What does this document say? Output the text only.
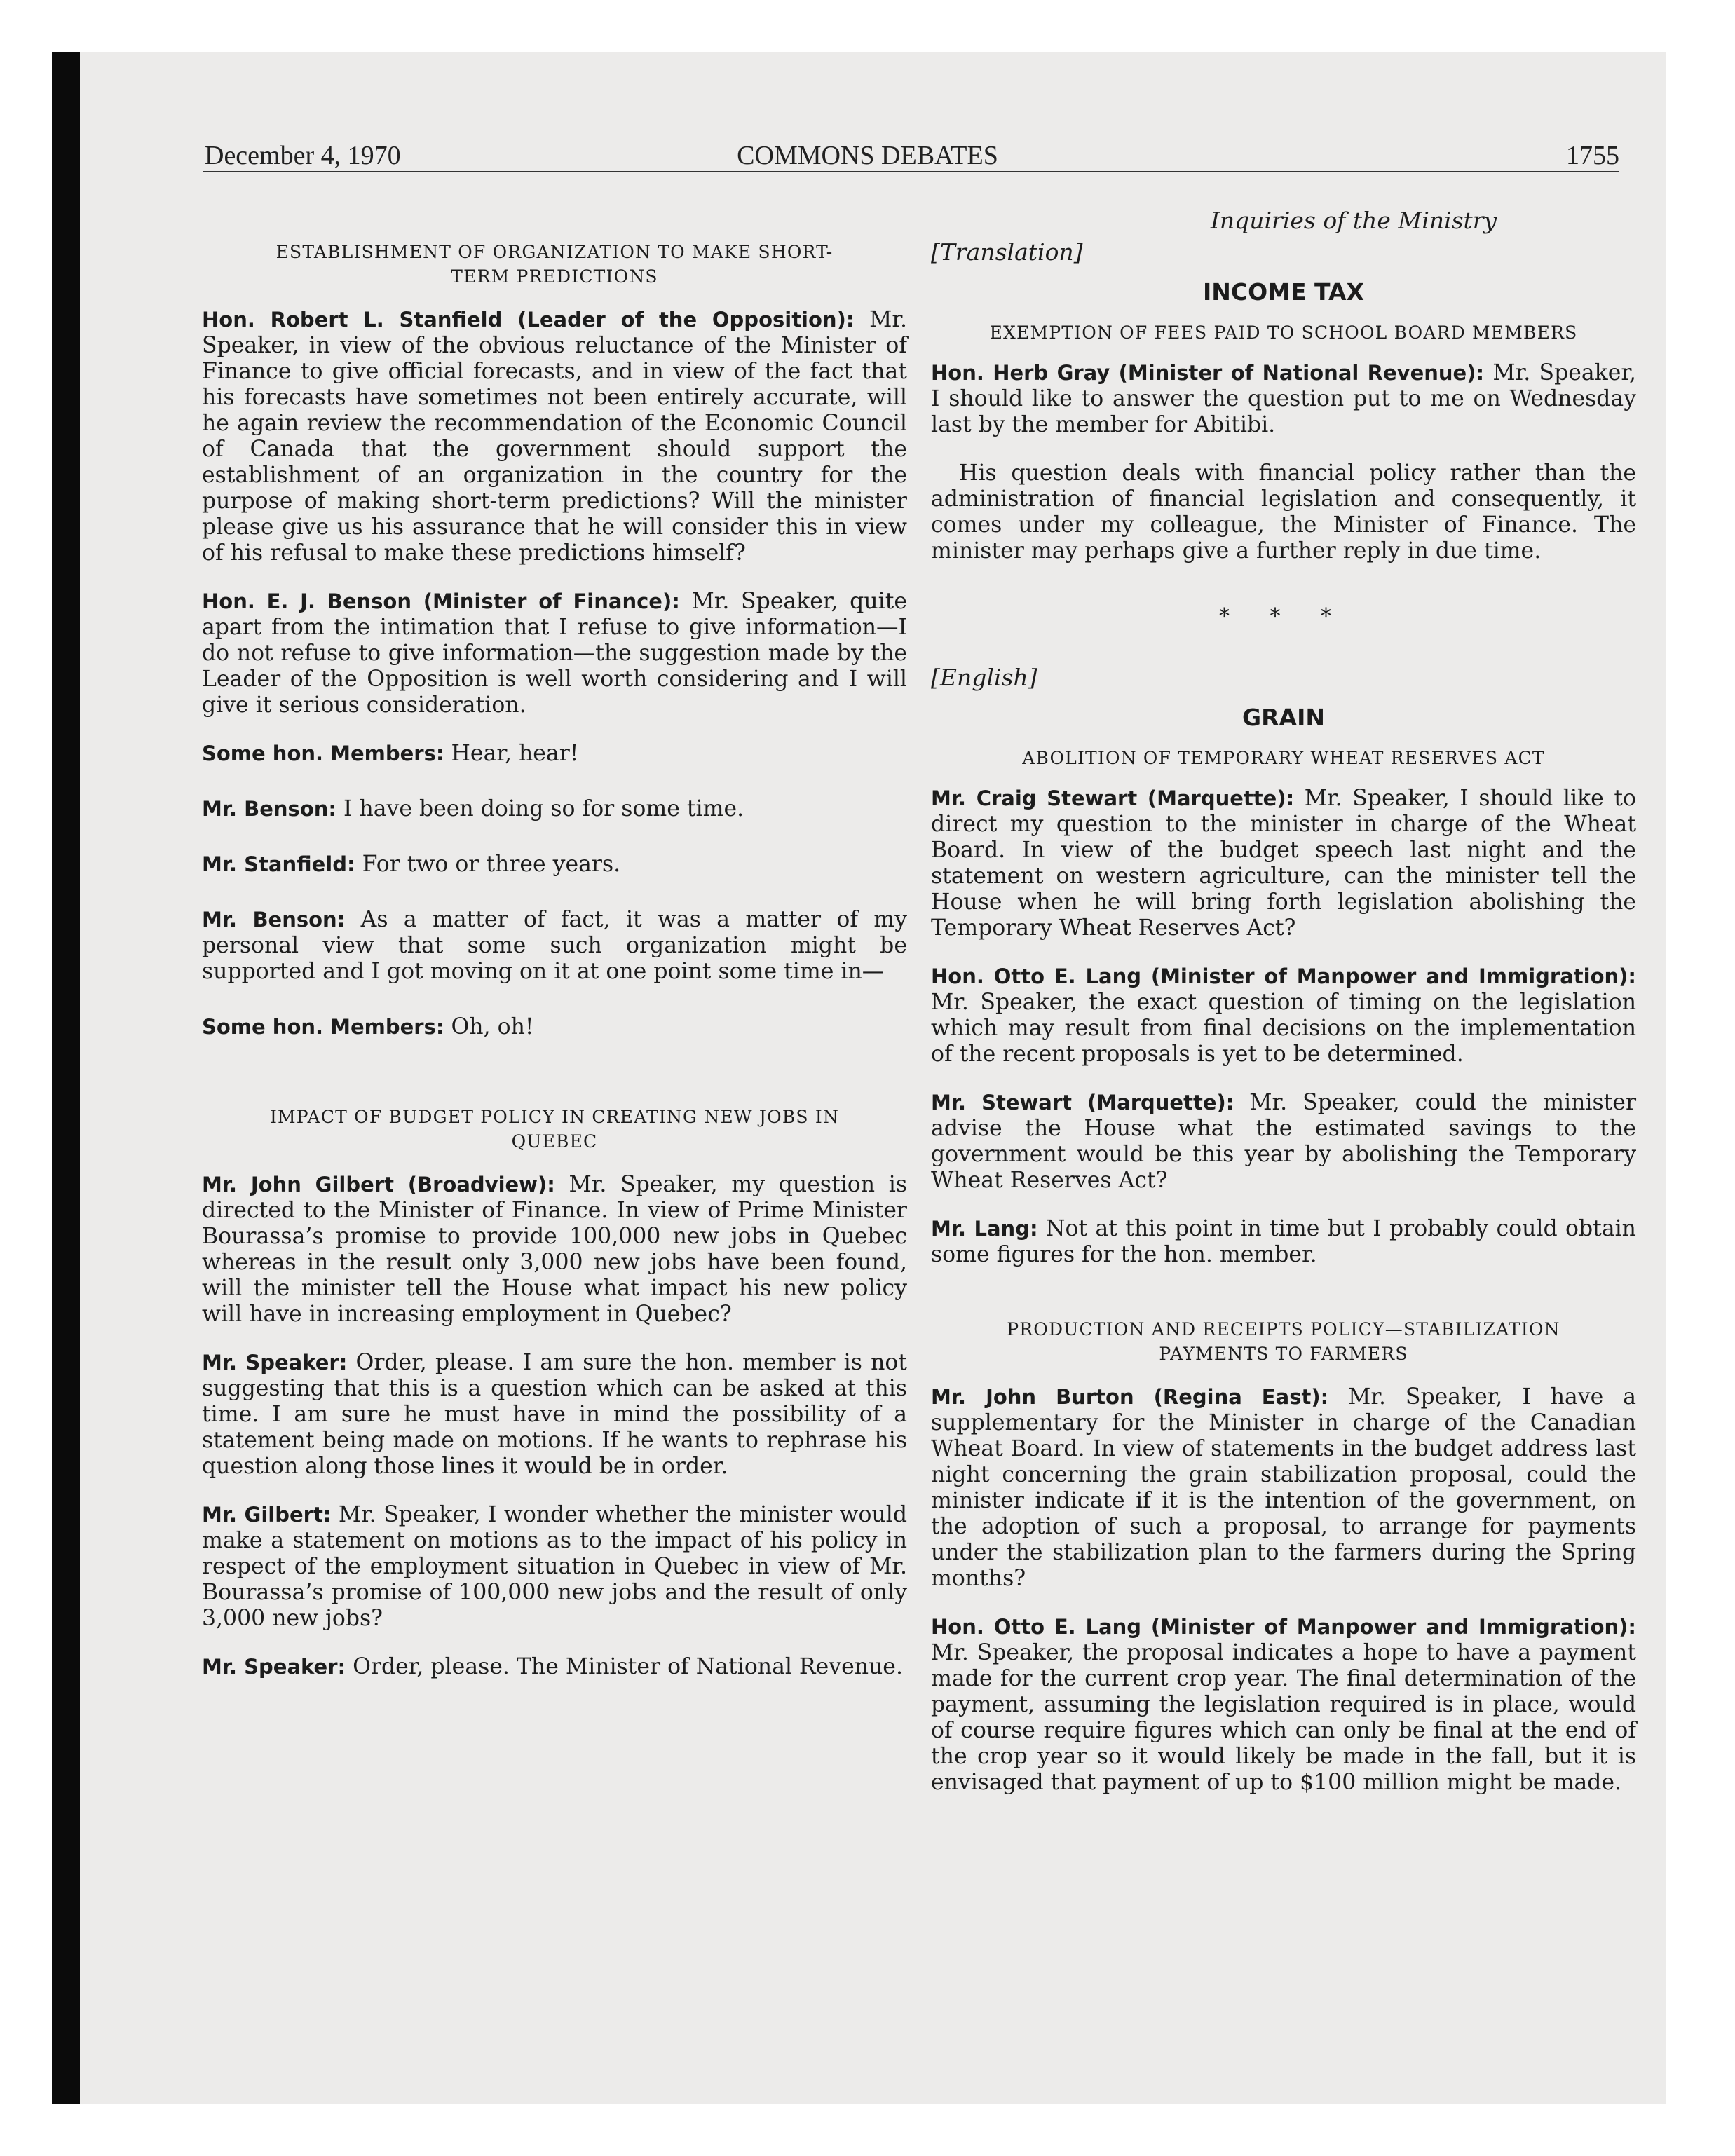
December 4, 1970	COMMONS DEBATES	1755
ESTABLISHMENT OF ORGANIZATION TO MAKE SHORT-TERM PREDICTIONS

Hon. Robert L. Stanfield (Leader of the Opposition): Mr. Speaker, in view of the obvious reluctance of the Minister of Finance to give official forecasts, and in view of the fact that his forecasts have sometimes not been entirely accurate, will he again review the recommendation of the Economic Council of Canada that the government should support the establishment of an organization in the country for the purpose of making short-term predictions? Will the minister please give us his assurance that he will consider this in view of his refusal to make these predictions himself?

Hon. E. J. Benson (Minister of Finance): Mr. Speaker, quite apart from the intimation that I refuse to give information—I do not refuse to give information—the suggestion made by the Leader of the Opposition is well worth considering and I will give it serious consideration.

Some hon. Members: Hear, hear!

Mr. Benson: I have been doing so for some time.

Mr. Stanfield: For two or three years.

Mr. Benson: As a matter of fact, it was a matter of my personal view that some such organization might be supported and I got moving on it at one point some time in—

Some hon. Members: Oh, oh!

IMPACT OF BUDGET POLICY IN CREATING NEW JOBS IN QUEBEC

Mr. John Gilbert (Broadview): Mr. Speaker, my question is directed to the Minister of Finance. In view of Prime Minister Bourassa’s promise to provide 100,000 new jobs in Quebec whereas in the result only 3,000 new jobs have been found, will the minister tell the House what impact his new policy will have in increasing employment in Quebec?

Mr. Speaker: Order, please. I am sure the hon. member is not suggesting that this is a question which can be asked at this time. I am sure he must have in mind the possibility of a statement being made on motions. If he wants to rephrase his question along those lines it would be in order.

Mr. Gilbert: Mr. Speaker, I wonder whether the minister would make a statement on motions as to the impact of his policy in respect of the employment situation in Quebec in view of Mr. Bourassa’s promise of 100,000 new jobs and the result of only 3,000 new jobs?

Mr. Speaker: Order, please. The Minister of National Revenue.

Inquiries of the Ministry
[Translation]
INCOME TAX
EXEMPTION OF FEES PAID TO SCHOOL BOARD MEMBERS

Hon. Herb Gray (Minister of National Revenue): Mr. Speaker, I should like to answer the question put to me on Wednesday last by the member for Abitibi.

His question deals with financial policy rather than the administration of financial legislation and consequently, it comes under my colleague, the Minister of Finance. The minister may perhaps give a further reply in due time.

* * *
[English]
GRAIN
ABOLITION OF TEMPORARY WHEAT RESERVES ACT

Mr. Craig Stewart (Marquette): Mr. Speaker, I should like to direct my question to the minister in charge of the Wheat Board. In view of the budget speech last night and the statement on western agriculture, can the minister tell the House when he will bring forth legislation abolishing the Temporary Wheat Reserves Act?

Hon. Otto E. Lang (Minister of Manpower and Immigration): Mr. Speaker, the exact question of timing on the legislation which may result from final decisions on the implementation of the recent proposals is yet to be determined.

Mr. Stewart (Marquette): Mr. Speaker, could the minister advise the House what the estimated savings to the government would be this year by abolishing the Temporary Wheat Reserves Act?

Mr. Lang: Not at this point in time but I probably could obtain some figures for the hon. member.

PRODUCTION AND RECEIPTS POLICY—STABILIZATION PAYMENTS TO FARMERS

Mr. John Burton (Regina East): Mr. Speaker, I have a supplementary for the Minister in charge of the Canadian Wheat Board. In view of statements in the budget address last night concerning the grain stabilization proposal, could the minister indicate if it is the intention of the government, on the adoption of such a proposal, to arrange for payments under the stabilization plan to the farmers during the Spring months?

Hon. Otto E. Lang (Minister of Manpower and Immigration): Mr. Speaker, the proposal indicates a hope to have a payment made for the current crop year. The final determination of the payment, assuming the legislation required is in place, would of course require figures which can only be final at the end of the crop year so it would likely be made in the fall, but it is envisaged that payment of up to $100 million might be made.
